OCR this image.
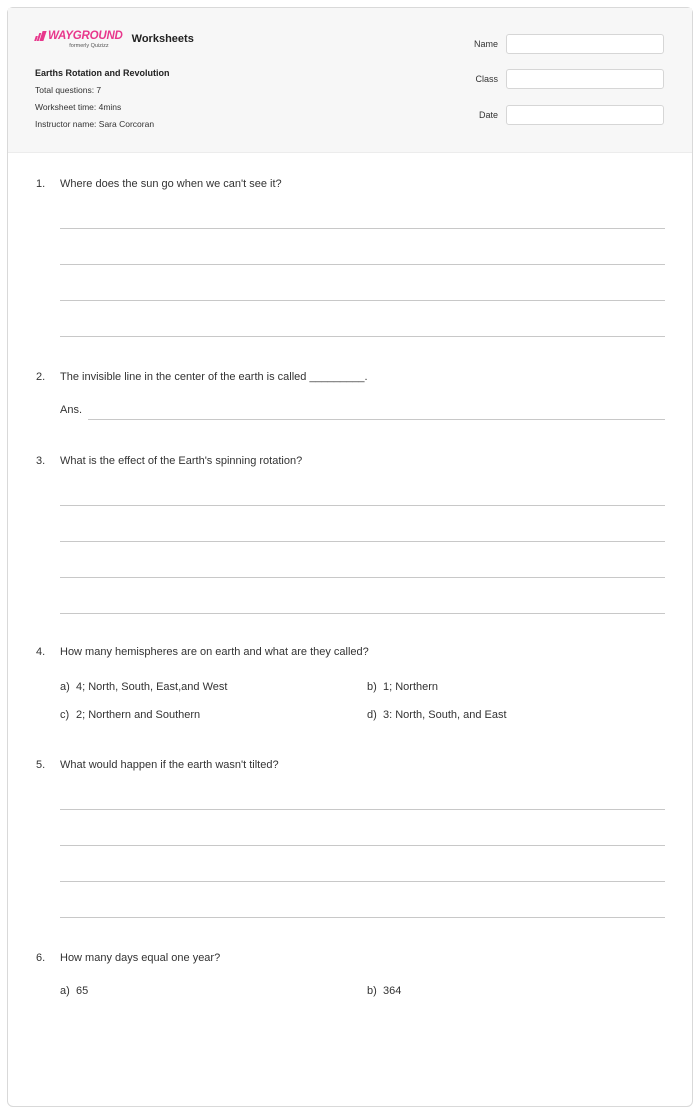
WAYGROUND
formerly Quizizz
Worksheets
Earths Rotation and Revolution
Total questions: 7
Worksheet time: 4mins
Instructor name: Sara Corcoran
Name
Class
Date
1.	Where does the sun go when we can't see it?
2.	The invisible line in the center of the earth is called _________.
Ans.
3.	What is the effect of the Earth's spinning rotation?
4.	How many hemispheres are on earth and what are they called?
a) 4; North, South, East,and West	b) 1; Northern
c) 2; Northern and Southern	d) 3: North, South, and East
5.	What would happen if the earth wasn't tilted?
6.	How many days equal one year?
a) 65	b) 364
